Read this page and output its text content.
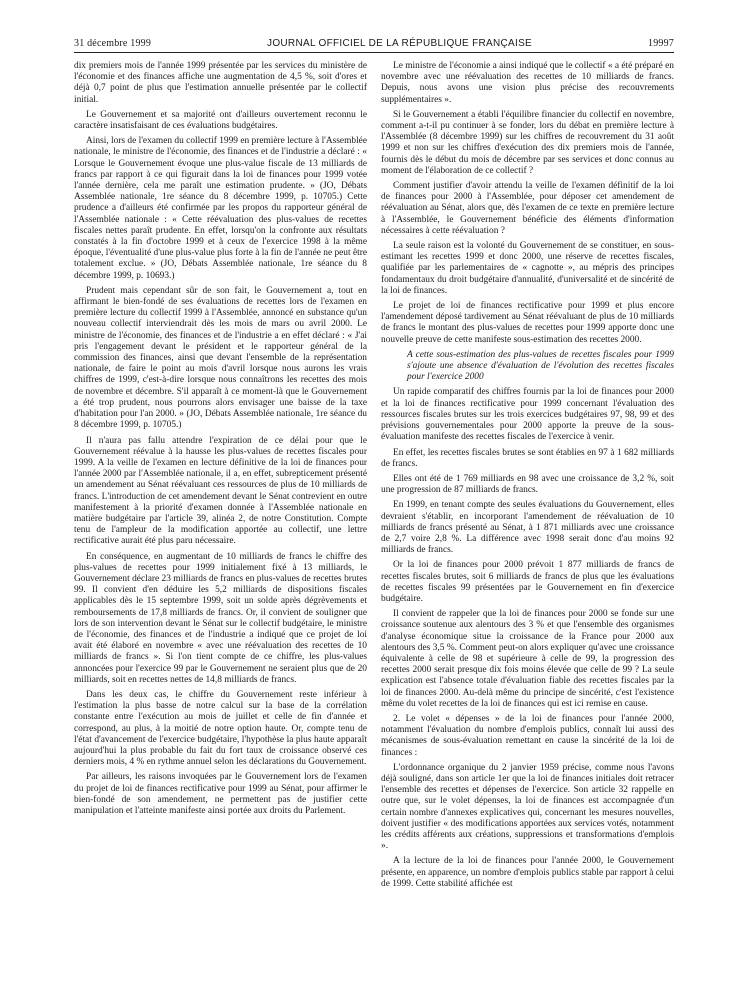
31 décembre 1999	JOURNAL OFFICIEL DE LA RÉPUBLIQUE FRANÇAISE	19997

dix premiers mois de l'année 1999 présentée par les services du ministère de l'économie et des finances affiche une augmentation de 4,5 %, soit d'ores et déjà 0,7 point de plus que l'estimation annuelle présentée par le collectif initial.

Le Gouvernement et sa majorité ont d'ailleurs ouvertement reconnu le caractère insatisfaisant de ces évaluations budgétaires.

Ainsi, lors de l'examen du collectif 1999 en première lecture à l'Assemblée nationale, le ministre de l'économie, des finances et de l'industrie a déclaré : « Lorsque le Gouvernement évoque une plus-value fiscale de 13 milliards de francs par rapport à ce qui figurait dans la loi de finances pour 1999 votée l'année dernière, cela me paraît une estimation prudente. » (JO, Débats Assemblée nationale, 1re séance du 8 décembre 1999, p. 10705.) Cette prudence a d'ailleurs été confirmée par les propos du rapporteur général de l'Assemblée nationale : « Cette réévaluation des plus-values de recettes fiscales nettes paraît prudente. En effet, lorsqu'on la confronte aux résultats constatés à la fin d'octobre 1999 et à ceux de l'exercice 1998 à la même époque, l'éventualité d'une plus-value plus forte à la fin de l'année ne peut être totalement exclue. » (JO, Débats Assemblée nationale, 1re séance du 8 décembre 1999, p. 10693.)

Prudent mais cependant sûr de son fait, le Gouvernement a, tout en affirmant le bien-fondé de ses évaluations de recettes lors de l'examen en première lecture du collectif 1999 à l'Assemblée, annoncé en substance qu'un nouveau collectif interviendrait dès les mois de mars ou avril 2000. Le ministre de l'économie, des finances et de l'industrie a en effet déclaré : « J'ai pris l'engagement devant le président et le rapporteur général de la commission des finances, ainsi que devant l'ensemble de la représentation nationale, de faire le point au mois d'avril lorsque nous aurons les vrais chiffres de 1999, c'est-à-dire lorsque nous connaîtrons les recettes des mois de novembre et décembre. S'il apparaît à ce moment-là que le Gouvernement a été trop prudent, nous pourrons alors envisager une baisse de la taxe d'habitation pour l'an 2000. » (JO, Débats Assemblée nationale, 1re séance du 8 décembre 1999, p. 10705.)

Il n'aura pas fallu attendre l'expiration de ce délai pour que le Gouvernement réévalue à la hausse les plus-values de recettes fiscales pour 1999. A la veille de l'examen en lecture définitive de la loi de finances pour l'année 2000 par l'Assemblée nationale, il a, en effet, subrepticement présenté un amendement au Sénat réévaluant ces ressources de plus de 10 milliards de francs. L'introduction de cet amendement devant le Sénat contrevient en outre manifestement à la priorité d'examen donnée à l'Assemblée nationale en matière budgétaire par l'article 39, alinéa 2, de notre Constitution. Compte tenu de l'ampleur de la modification apportée au collectif, une lettre rectificative aurait été plus paru nécessaire.

En conséquence, en augmentant de 10 milliards de francs le chiffre des plus-values de recettes pour 1999 initialement fixé à 13 milliards, le Gouvernement déclare 23 milliards de francs en plus-values de recettes brutes 99. Il convient d'en déduire les 5,2 milliards de dispositions fiscales applicables dès le 15 septembre 1999, soit un solde après dégrèvements et remboursements de 17,8 milliards de francs. Or, il convient de souligner que lors de son intervention devant le Sénat sur le collectif budgétaire, le ministre de l'économie, des finances et de l'industrie a indiqué que ce projet de loi avait été élaboré en novembre « avec une réévaluation des recettes de 10 milliards de francs ». Si l'on tient compte de ce chiffre, les plus-values annoncées pour l'exercice 99 par le Gouvernement ne seraient plus que de 20 milliards, soit en recettes nettes de 14,8 milliards de francs.

Dans les deux cas, le chiffre du Gouvernement reste inférieur à l'estimation la plus basse de notre calcul sur la base de la corrélation constante entre l'exécution au mois de juillet et celle de fin d'année et correspond, au plus, à la moitié de notre option haute. Or, compte tenu de l'état d'avancement de l'exercice budgétaire, l'hypothèse la plus haute apparaît aujourd'hui la plus probable du fait du fort taux de croissance observé ces derniers mois, 4 % en rythme annuel selon les déclarations du Gouvernement.

Par ailleurs, les raisons invoquées par le Gouvernement lors de l'examen du projet de loi de finances rectificative pour 1999 au Sénat, pour affirmer le bien-fondé de son amendement, ne permettent pas de justifier cette manipulation et l'atteinte manifeste ainsi portée aux droits du Parlement.

Le ministre de l'économie a ainsi indiqué que le collectif « a été préparé en novembre avec une réévaluation des recettes de 10 milliards de francs. Depuis, nous avons une vision plus précise des recouvrements supplémentaires ».

Si le Gouvernement a établi l'équilibre financier du collectif en novembre, comment a-t-il pu continuer à se fonder, lors du débat en première lecture à l'Assemblée (8 décembre 1999) sur les chiffres de recouvrement du 31 août 1999 et non sur les chiffres d'exécution des dix premiers mois de l'année, fournis dès le début du mois de décembre par ses services et donc connus au moment de l'élaboration de ce collectif ?

Comment justifier d'avoir attendu la veille de l'examen définitif de la loi de finances pour 2000 à l'Assemblée, pour déposer cet amendement de réévaluation au Sénat, alors que, dès l'examen de ce texte en première lecture à l'Assemblée, le Gouvernement bénéficie des éléments d'information nécessaires à cette réévaluation ?

La seule raison est la volonté du Gouvernement de se constituer, en sous-estimant les recettes 1999 et donc 2000, une réserve de recettes fiscales, qualifiée par les parlementaires de « cagnotte », au mépris des principes fondamentaux du droit budgétaire d'annualité, d'universalité et de sincérité de la loi de finances.

Le projet de loi de finances rectificative pour 1999 et plus encore l'amendement déposé tardivement au Sénat réévaluant de plus de 10 milliards de francs le montant des plus-values de recettes pour 1999 apporte donc une nouvelle preuve de cette manifeste sous-estimation des recettes 2000.

A cette sous-estimation des plus-values de recettes fiscales pour 1999 s'ajoute une absence d'évaluation de l'évolution des recettes fiscales pour l'exercice 2000

Un rapide comparatif des chiffres fournis par la loi de finances pour 2000 et la loi de finances rectificative pour 1999 concernant l'évaluation des ressources fiscales brutes sur les trois exercices budgétaires 97, 98, 99 et des prévisions gouvernementales pour 2000 apporte la preuve de la sous-évaluation manifeste des recettes fiscales de l'exercice à venir.

En effet, les recettes fiscales brutes se sont établies en 97 à 1 682 milliards de francs.

Elles ont été de 1 769 milliards en 98 avec une croissance de 3,2 %, soit une progression de 87 milliards de francs.

En 1999, en tenant compte des seules évaluations du Gouvernement, elles devraient s'établir, en incorporant l'amendement de réévaluation de 10 milliards de francs présenté au Sénat, à 1 871 milliards avec une croissance de 2,7 voire 2,8 %. La différence avec 1998 serait donc d'au moins 92 milliards de francs.

Or la loi de finances pour 2000 prévoit 1 877 milliards de francs de recettes fiscales brutes, soit 6 milliards de francs de plus que les évaluations de recettes fiscales 99 présentées par le Gouvernement en fin d'exercice budgétaire.

Il convient de rappeler que la loi de finances pour 2000 se fonde sur une croissance soutenue aux alentours des 3 % et que l'ensemble des organismes d'analyse économique situe la croissance de la France pour 2000 aux alentours des 3,5 %. Comment peut-on alors expliquer qu'avec une croissance équivalente à celle de 98 et supérieure à celle de 99, la progression des recettes 2000 serait presque dix fois moins élevée que celle de 99 ? La seule explication est l'absence totale d'évaluation fiable des recettes fiscales par la loi de finances 2000. Au-delà même du principe de sincérité, c'est l'existence même du volet recettes de la loi de finances qui est ici remise en cause.

2. Le volet « dépenses » de la loi de finances pour l'année 2000, notamment l'évaluation du nombre d'emplois publics, connaît lui aussi des mécanismes de sous-évaluation remettant en cause la sincérité de la loi de finances :

L'ordonnance organique du 2 janvier 1959 précise, comme nous l'avons déjà souligné, dans son article 1er que la loi de finances initiales doit retracer l'ensemble des recettes et dépenses de l'exercice. Son article 32 rappelle en outre que, sur le volet dépenses, la loi de finances est accompagnée d'un certain nombre d'annexes explicatives qui, concernant les mesures nouvelles, doivent justifier « des modifications apportées aux services votés, notamment les crédits afférents aux créations, suppressions et transformations d'emplois ».

A la lecture de la loi de finances pour l'année 2000, le Gouvernement présente, en apparence, un nombre d'emplois publics stable par rapport à celui de 1999. Cette stabilité affichée est
